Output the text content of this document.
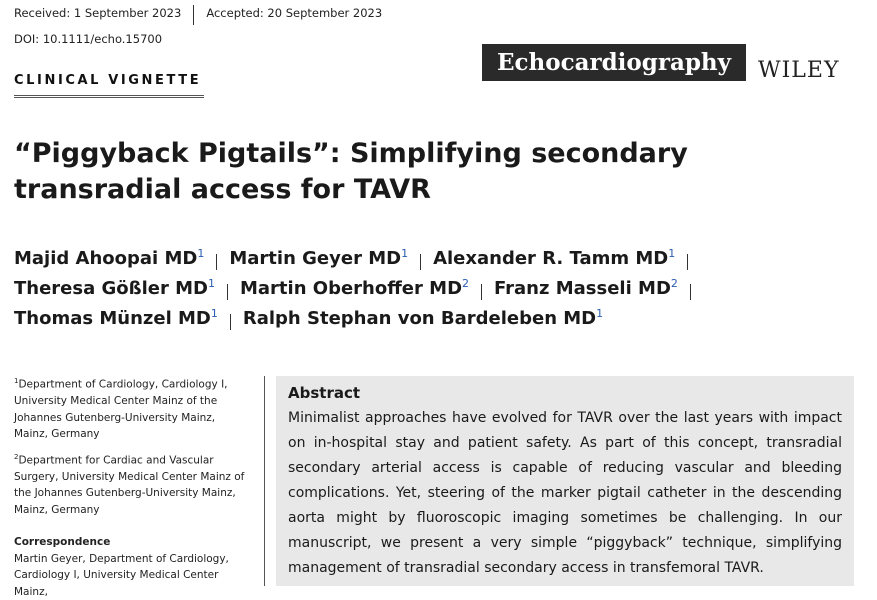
Received: 1 September 2023	Accepted: 20 September 2023
DOI: 10.1111/echo.15700
CLINICAL VIGNETTE
Echocardiography	WILEY
“Piggyback Pigtails”: Simplifying secondary transradial access for TAVR
Majid Ahoopai $MD^1$ Martin Geyer $MD^1$ Alexander R. Tamm $MD^1$
Theresa Gößler $MD^1$ Martin Oberhoffer $MD^2$ Franz Masseli $MD^2$
Thomas Münzel $MD^1$ Ralph Stephan von Bardeleben $MD^1$
$^1$Department of Cardiology, Cardiology I, University Medical Center Mainz of the Johannes Gutenberg-University Mainz, Mainz, Germany
$^2$Department for Cardiac and Vascular Surgery, University Medical Center Mainz of the Johannes Gutenberg-University Mainz, Mainz, Germany
Correspondence
Martin Geyer, Department of Cardiology, Cardiology I, University Medical Center Mainz,
Abstract
Minimalist approaches have evolved for TAVR over the last years with impact on in-hospital stay and patient safety. As part of this concept, transradial secondary arterial access is capable of reducing vascular and bleeding complications. Yet, steering of the marker pigtail catheter in the descending aorta might by fluoroscopic imaging sometimes be challenging. In our manuscript, we present a very simple “piggyback” technique, simplifying management of transradial secondary access in transfemoral TAVR.
